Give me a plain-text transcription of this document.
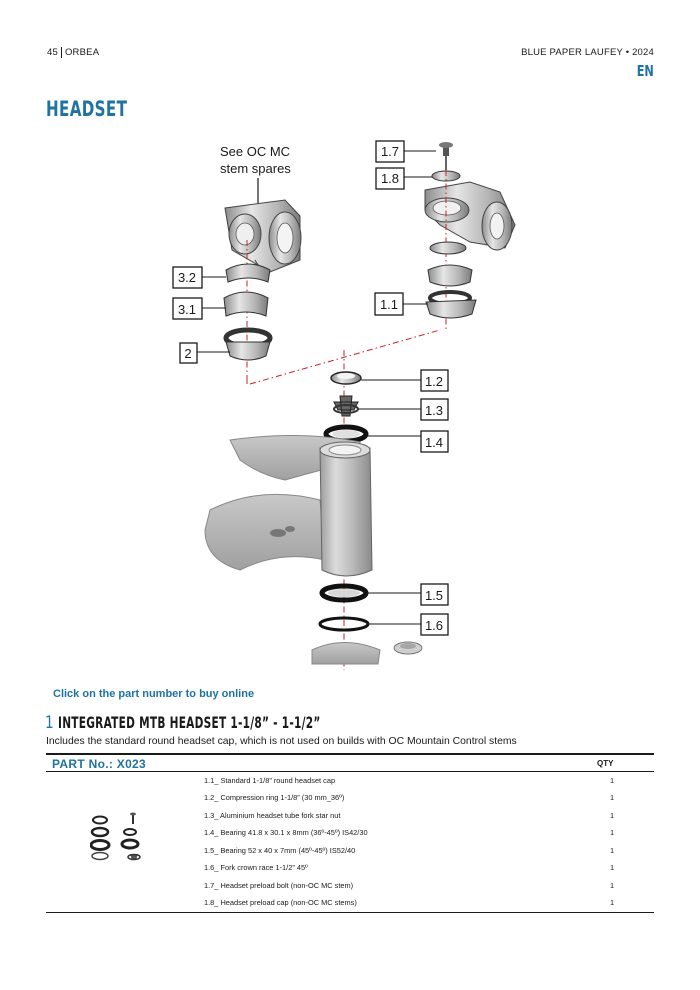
45 ORBEA	BLUE PAPER LAUFEY • 2024
EN
HEADSET
See OC MC
stem spares
1.7
1.8
3.2
3.1	1.1
2
1.2
1.3
1.4
1.5
1.6
Click on the part number to buy online
1 INTEGRATED MTB HEADSET 1-1/8” - 1-1/2”
Includes the standard round headset cap, which is not used on builds with OC Mountain Control stems
PART No.: X023	QTY
1.1_ Standard 1-1/8” round headset cap	1
1.2_ Compression ring 1-1/8” (30 mm_36º)	1
1.3_ Aluminium headset tube fork star nut	1
1.4_ Bearing 41.8 x 30.1 x 8mm (36º-45º) IS42/30	1
1.5_ Bearing 52 x 40 x 7mm (45º-45º) IS52/40	1
1.6_ Fork crown race 1-1/2” 45º	1
1.7_ Headset preload bolt (non-OC MC stem)	1
1.8_ Headset preload cap (non-OC MC stems)	1
